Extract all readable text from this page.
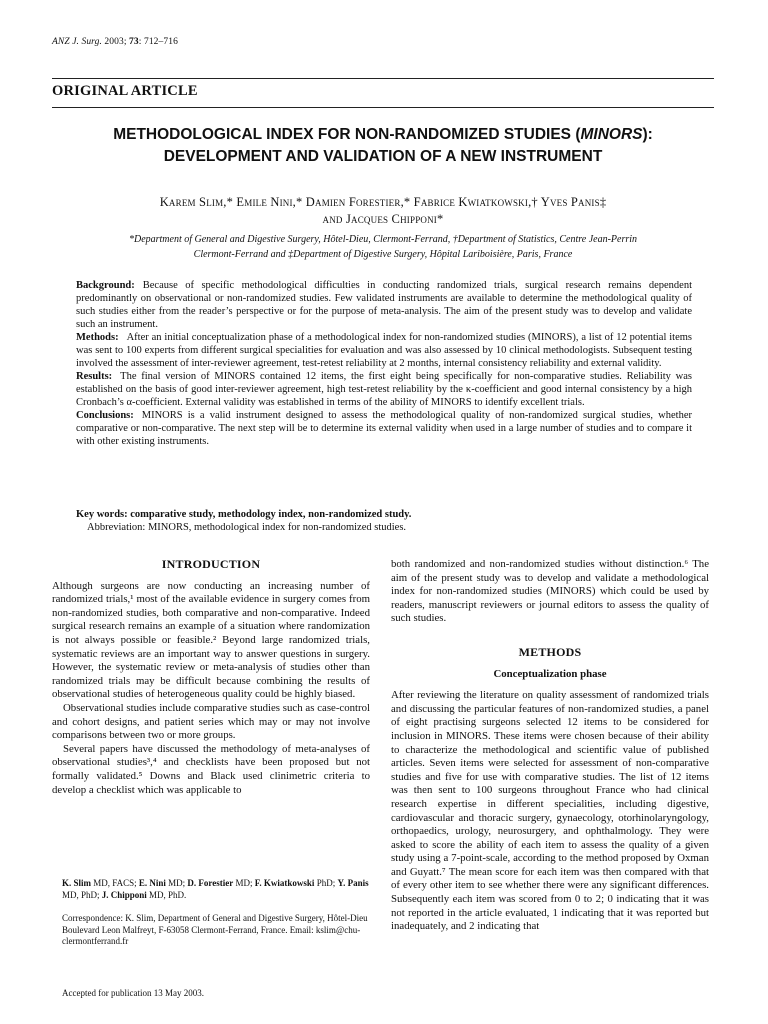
ANZ J. Surg. 2003; 73: 712–716
ORIGINAL ARTICLE
METHODOLOGICAL INDEX FOR NON-RANDOMIZED STUDIES (MINORS):
DEVELOPMENT AND VALIDATION OF A NEW INSTRUMENT
Karem Slim,* Emile Nini,* Damien Forestier,* Fabrice Kwiatkowski,† Yves Panis‡
and Jacques Chipponi*
*Department of General and Digestive Surgery, Hôtel-Dieu, Clermont-Ferrand, †Department of Statistics, Centre Jean-Perrin
Clermont-Ferrand and ‡Department of Digestive Surgery, Hôpital Lariboisière, Paris, France

Background: Because of specific methodological difficulties in conducting randomized trials, surgical research remains dependent predominantly on observational or non-randomized studies. Few validated instruments are available to determine the methodological quality of such studies either from the reader’s perspective or for the purpose of meta-analysis. The aim of the present study was to develop and validate such an instrument.

Methods: After an initial conceptualization phase of a methodological index for non-randomized studies (MINORS), a list of 12 potential items was sent to 100 experts from different surgical specialities for evaluation and was also assessed by 10 clinical methodologists. Subsequent testing involved the assessment of inter-reviewer agreement, test-retest reliability at 2 months, internal consistency reliability and external validity.

Results: The final version of MINORS contained 12 items, the first eight being specifically for non-comparative studies. Reliability was established on the basis of good inter-reviewer agreement, high test-retest reliability by the κ-coefficient and good internal consistency by a high Cronbach’s α-coefficient. External validity was established in terms of the ability of MINORS to identify excellent trials.

Conclusions: MINORS is a valid instrument designed to assess the methodological quality of non-randomized surgical studies, whether comparative or non-comparative. The next step will be to determine its external validity when used in a large number of studies and to compare it with other existing instruments.

Key words: comparative study, methodology index, non-randomized study.
Abbreviation: MINORS, methodological index for non-randomized studies.
INTRODUCTION

Although surgeons are now conducting an increasing number of randomized trials,¹ most of the available evidence in surgery comes from non-randomized studies, both comparative and non-comparative. Indeed surgical research remains an example of a situation where randomization is not always possible or feasible.² Beyond large randomized trials, systematic reviews are an important way to answer questions in surgery. However, the systematic review or meta-analysis of studies other than randomized trials may be difficult because combining the results of observational studies of heterogeneous quality could be highly biased.

Observational studies include comparative studies such as case-control and cohort designs, and patient series which may or may not involve comparisons between two or more groups.

Several papers have discussed the methodology of meta-analyses of observational studies³,⁴ and checklists have been proposed but not formally validated.⁵ Downs and Black used clinimetric criteria to develop a checklist which was applicable to

K. Slim MD, FACS; E. Nini MD; D. Forestier MD; F. Kwiatkowski PhD; Y. Panis MD, PhD; J. Chipponi MD, PhD.
Correspondence: K. Slim, Department of General and Digestive Surgery, Hôtel-Dieu Boulevard Leon Malfreyt, F-63058 Clermont-Ferrand, France. Email: kslim@chu-clermontferrand.fr
Accepted for publication 13 May 2003.

both randomized and non-randomized studies without distinction.⁶ The aim of the present study was to develop and validate a methodological index for non-randomized studies (MINORS) which could be used by readers, manuscript reviewers or journal editors to assess the quality of such studies.

METHODS
Conceptualization phase

After reviewing the literature on quality assessment of randomized trials and discussing the particular features of non-randomized studies, a panel of eight practising surgeons selected 12 items to be considered for inclusion in MINORS. These items were chosen because of their ability to characterize the methodological and scientific value of published articles. Seven items were selected for assessment of non-comparative studies and five for use with comparative studies. The list of 12 items was then sent to 100 surgeons throughout France who had clinical research expertise in different specialities, including digestive, cardiovascular and thoracic surgery, gynaecology, otorhinolaryngology, orthopaedics, urology, neurosurgery, and ophthalmology. They were asked to score the ability of each item to assess the quality of a given study using a 7-point-scale, according to the method proposed by Oxman and Guyatt.⁷ The mean score for each item was then compared with that of every other item to see whether there were any significant differences. Subsequently each item was scored from 0 to 2; 0 indicating that it was not reported in the article evaluated, 1 indicating that it was reported but inadequately, and 2 indicating that
